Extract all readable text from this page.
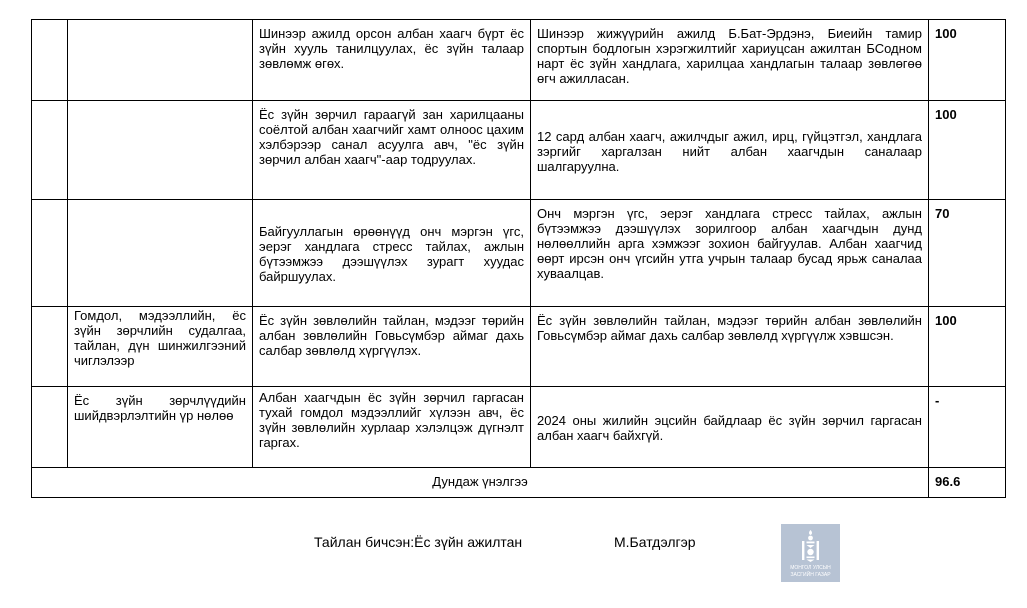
		Шинээр ажилд орсон албан хаагч бүрт ёс зүйн хууль танилцуулах, ёс зүйн талаар зөвлөмж өгөх.	Шинээр жижүүрийн ажилд Б.Бат-Эрдэнэ, Биеийн тамир спортын бодлогын хэрэгжилтийг хариуцсан ажилтан БСодном нарт ёс зүйн хандлага, харилцаа хандлагын талаар зөвлөгөө өгч ажилласан.	100
		Ёс зүйн зөрчил гараагүй зан харилцааны соёлтой албан хаагчийг хамт олноос цахим хэлбэрээр санал асуулга авч, "ёс зүйн зөрчил албан хаагч"-аар тодруулах.	12 сард албан хаагч, ажилчдыг ажил, ирц, гүйцэтгэл, хандлага зэргийг харгалзан нийт албан хаагчдын саналаар шалгаруулна.	100
		Байгууллагын өрөөнүүд онч мэргэн үгс, эерэг хандлага стресс тайлах, ажлын бүтээмжээ дээшүүлэх зурагт хуудас байршуулах.	Онч мэргэн үгс, эерэг хандлага стресс тайлах, ажлын бүтээмжээ дээшүүлэх зорилгоор албан хаагчдын дунд нөлөөллийн арга хэмжээг зохион байгуулав. Албан хаагчид өөрт ирсэн онч үгсийн утга учрын талаар бусад ярьж саналаа хуваалцав.	70
	Гомдол, мэдээллийн, ёс зүйн зөрчлийн судалгаа, тайлан, дүн шинжилгээний чиглэлээр	Ёс зүйн зөвлөлийн тайлан, мэдээг төрийн албан зөвлөлийн Говьсүмбэр аймаг дахь салбар зөвлөлд хүргүүлэх.	Ёс зүйн зөвлөлийн тайлан, мэдээг төрийн албан зөвлөлийн Говьсүмбэр аймаг дахь салбар зөвлөлд хүргүүлж хэвшсэн.	100
	Ёс зүйн зөрчлүүдийн шийдвэрлэлтийн үр нөлөө	Албан хаагчдын ёс зүйн зөрчил гаргасан тухай гомдол мэдээллийг хүлээн авч, ёс зүйн зөвлөлийн хурлаар хэлэлцэж дүгнэлт гаргах.	2024 оны жилийн эцсийн байдлаар ёс зүйн зөрчил гаргасан албан хаагч байхгүй.	-
Дундаж үнэлгээ				96.6
Тайлан бичсэн:Ёс зүйн ажилтан	М.Батдэлгэр
МОНГОЛ УЛСЫН
ЗАСГИЙН ГАЗАР
